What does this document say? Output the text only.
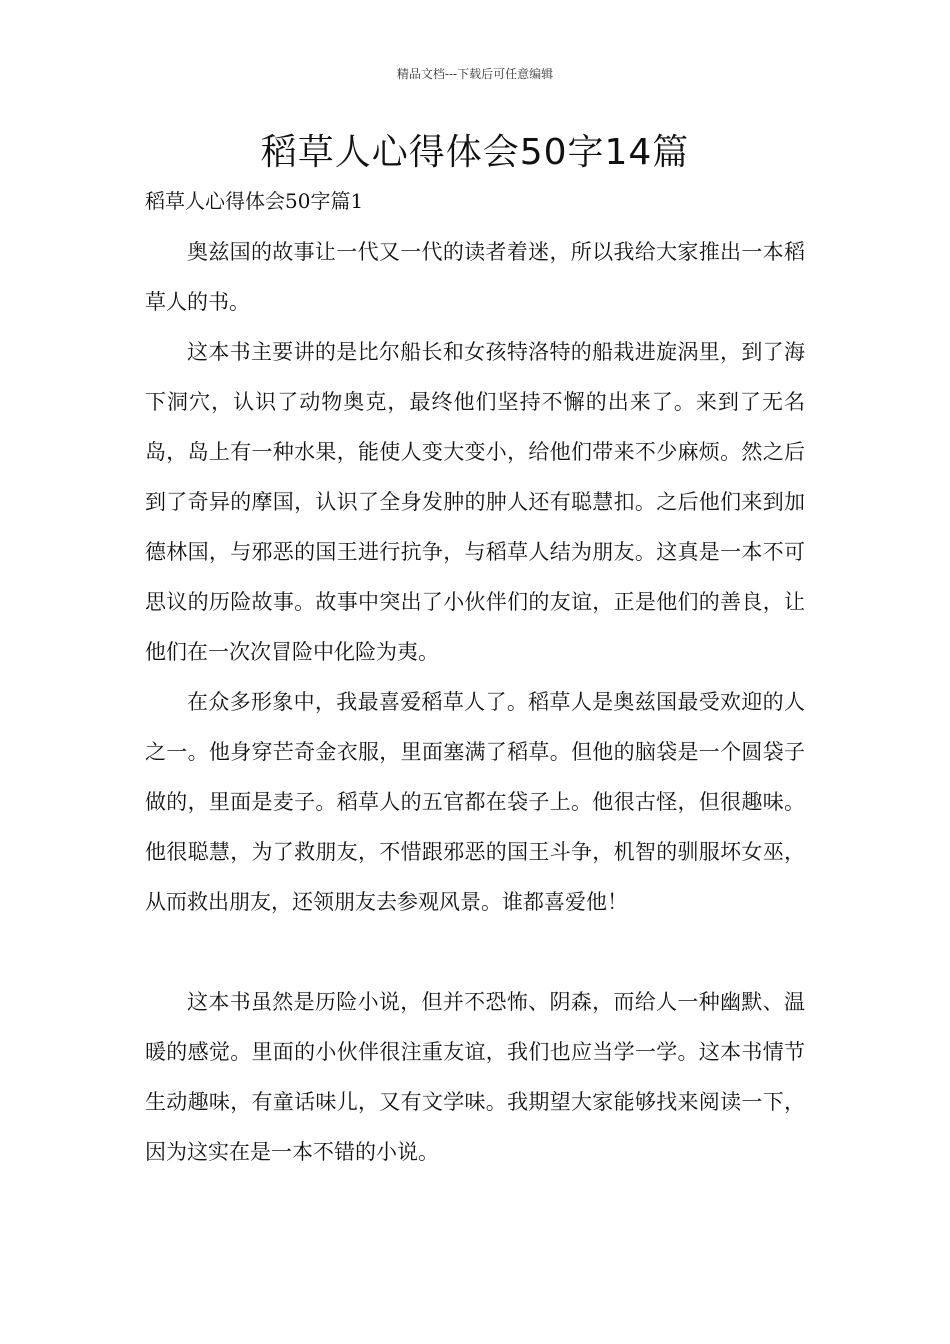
精品文档---下载后可任意编辑
稻草人心得体会50字14篇
稻草人心得体会50字篇1

奥兹国的故事让一代又一代的读者着迷，所以我给大家推出一本稻草人的书。

这本书主要讲的是比尔船长和女孩特洛特的船栽进旋涡里，到了海下洞穴，认识了动物奥克，最终他们坚持不懈的出来了。来到了无名岛，岛上有一种水果，能使人变大变小，给他们带来不少麻烦。然之后到了奇异的摩国，认识了全身发肿的肿人还有聪慧扣。之后他们来到加德林国，与邪恶的国王进行抗争，与稻草人结为朋友。这真是一本不可思议的历险故事。故事中突出了小伙伴们的友谊，正是他们的善良，让他们在一次次冒险中化险为夷。

在众多形象中，我最喜爱稻草人了。稻草人是奥兹国最受欢迎的人之一。他身穿芒奇金衣服，里面塞满了稻草。但他的脑袋是一个圆袋子做的，里面是麦子。稻草人的五官都在袋子上。他很古怪，但很趣味。他很聪慧，为了救朋友，不惜跟邪恶的国王斗争，机智的驯服坏女巫，从而救出朋友，还领朋友去参观风景。谁都喜爱他！

这本书虽然是历险小说，但并不恐怖、阴森，而给人一种幽默、温暖的感觉。里面的小伙伴很注重友谊，我们也应当学一学。这本书情节生动趣味，有童话味儿，又有文学味。我期望大家能够找来阅读一下，因为这实在是一本不错的小说。
